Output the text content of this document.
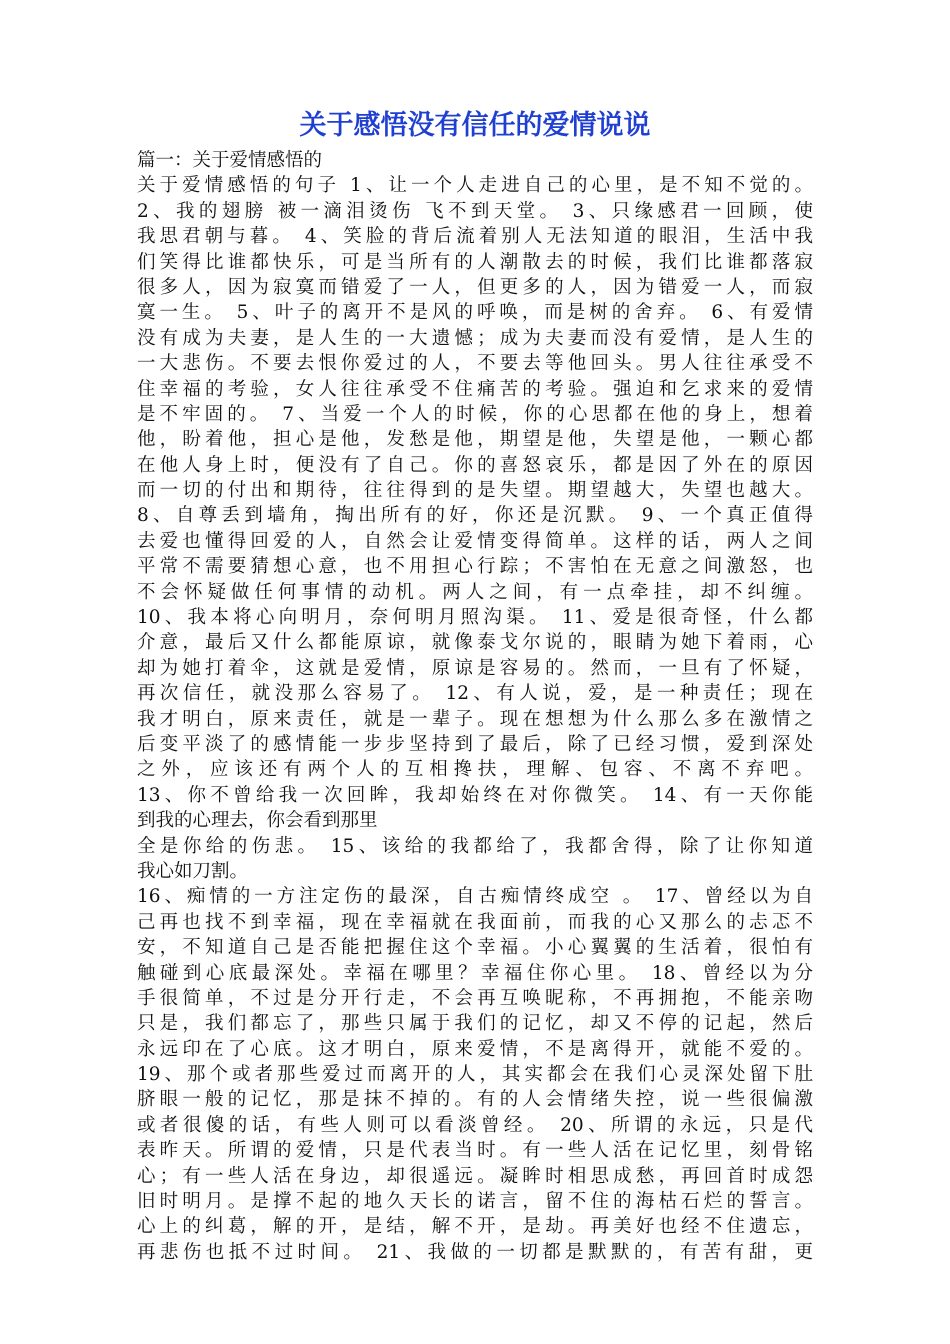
关于感悟没有信任的爱情说说
篇一：关于爱情感悟的
关于爱情感悟的句子 1、让一个人走进自己的心里，是不知不觉的。
2、我的翅膀 被一滴泪烫伤 飞不到天堂。 3、只缘感君一回顾，使
我思君朝与暮。 4、笑脸的背后流着别人无法知道的眼泪，生活中我
们笑得比谁都快乐，可是当所有的人潮散去的时候，我们比谁都落寂
很多人，因为寂寞而错爱了一人，但更多的人，因为错爱一人，而寂
寞一生。 5、叶子的离开不是风的呼唤，而是树的舍弃。 6、有爱情
没有成为夫妻，是人生的一大遗憾；成为夫妻而没有爱情，是人生的
一大悲伤。不要去恨你爱过的人，不要去等他回头。男人往往承受不
住幸福的考验，女人往往承受不住痛苦的考验。强迫和乞求来的爱情
是不牢固的。 7、当爱一个人的时候，你的心思都在他的身上，想着
他，盼着他，担心是他，发愁是他，期望是他，失望是他，一颗心都
在他人身上时，便没有了自己。你的喜怒哀乐，都是因了外在的原因
而一切的付出和期待，往往得到的是失望。期望越大，失望也越大。
8、自尊丢到墙角，掏出所有的好，你还是沉默。 9、一个真正值得
去爱也懂得回爱的人，自然会让爱情变得简单。这样的话，两人之间
平常不需要猜想心意，也不用担心行踪；不害怕在无意之间激怒，也
不会怀疑做任何事情的动机。两人之间，有一点牵挂，却不纠缠。
10、我本将心向明月，奈何明月照沟渠。 11、爱是很奇怪，什么都
介意，最后又什么都能原谅，就像泰戈尔说的，眼睛为她下着雨，心
却为她打着伞，这就是爱情，原谅是容易的。然而，一旦有了怀疑，
再次信任，就没那么容易了。 12、有人说，爱，是一种责任；现在
我才明白，原来责任，就是一辈子。现在想想为什么那么多在激情之
后变平淡了的感情能一步步坚持到了最后，除了已经习惯，爱到深处
之外，应该还有两个人的互相搀扶，理解、包容、不离不弃吧。
13、你不曾给我一次回眸，我却始终在对你微笑。 14、有一天你能
到我的心理去，你会看到那里
全是你给的伤悲。 15、该给的我都给了，我都舍得，除了让你知道
我心如刀割。
16、痴情的一方注定伤的最深，自古痴情终成空 。 17、曾经以为自
己再也找不到幸福，现在幸福就在我面前，而我的心又那么的忐忑不
安，不知道自己是否能把握住这个幸福。小心翼翼的生活着，很怕有
触碰到心底最深处。幸福在哪里？幸福住你心里。 18、曾经以为分
手很简单，不过是分开行走，不会再互唤昵称，不再拥抱，不能亲吻
只是，我们都忘了，那些只属于我们的记忆，却又不停的记起，然后
永远印在了心底。这才明白，原来爱情，不是离得开，就能不爱的。
19、那个或者那些爱过而离开的人，其实都会在我们心灵深处留下肚
脐眼一般的记忆，那是抹不掉的。有的人会情绪失控，说一些很偏激
或者很傻的话，有些人则可以看淡曾经。 20、所谓的永远，只是代
表昨天。所谓的爱情，只是代表当时。有一些人活在记忆里，刻骨铭
心；有一些人活在身边，却很遥远。凝眸时相思成愁，再回首时成怨
旧时明月。是撑不起的地久天长的诺言，留不住的海枯石烂的誓言。
心上的纠葛，解的开，是结，解不开，是劫。再美好也经不住遗忘，
再悲伤也抵不过时间。 21、我做的一切都是默默的，有苦有甜，更
